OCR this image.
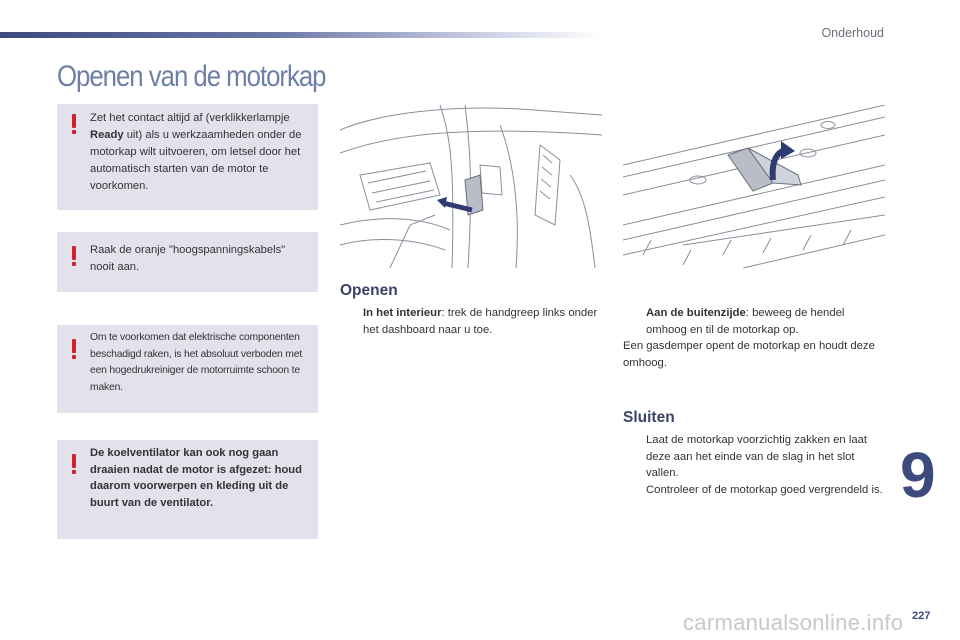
Onderhoud
Openen van de motorkap
Zet het contact altijd af (verklikkerlampje Ready uit) als u werkzaamheden onder de motorkap wilt uitvoeren, om letsel door het automatisch starten van de motor te voorkomen.
Raak de oranje "hoogspanningskabels" nooit aan.
Om te voorkomen dat elektrische componenten beschadigd raken, is het absoluut verboden met een hogedrukreiniger de motorruimte schoon te maken.
De koelventilator kan ook nog gaan draaien nadat de motor is afgezet: houd daarom voorwerpen en kleding uit de buurt van de ventilator.
Openen
In het interieur: trek de handgreep links onder het dashboard naar u toe.
Aan de buitenzijde: beweeg de hendel omhoog en til de motorkap op.
Een gasdemper opent de motorkap en houdt deze omhoog.
Sluiten
Laat de motorkap voorzichtig zakken en laat deze aan het einde van de slag in het slot vallen.
Controleer of de motorkap goed vergrendeld is. 9
227
carmanualsonline.info
